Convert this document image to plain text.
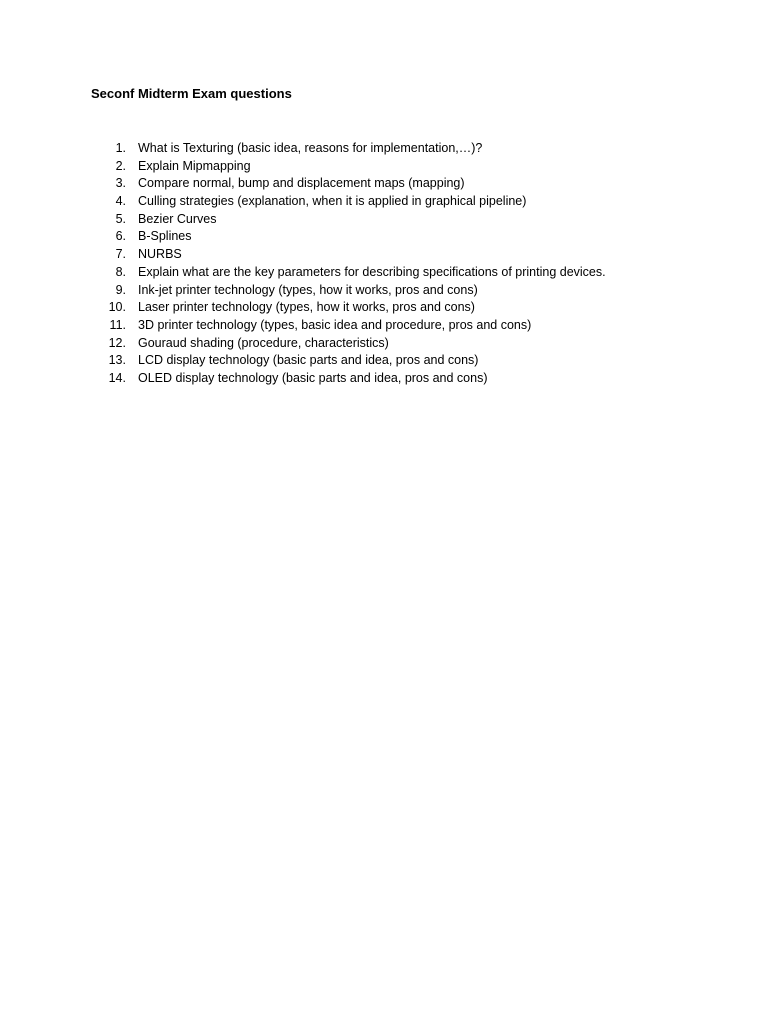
Seconf Midterm Exam questions
1. What is Texturing (basic idea, reasons for implementation,…)?
2. Explain Mipmapping
3. Compare normal, bump and displacement maps (mapping)
4. Culling strategies (explanation, when it is applied in graphical pipeline)
5. Bezier Curves
6. B-Splines
7. NURBS
8. Explain what are the key parameters for describing specifications of printing devices.
9. Ink-jet printer technology (types, how it works, pros and cons)
10. Laser printer technology (types, how it works, pros and cons)
11. 3D printer technology (types, basic idea and procedure, pros and cons)
12. Gouraud shading (procedure, characteristics)
13. LCD display technology (basic parts and idea, pros and cons)
14. OLED display technology (basic parts and idea, pros and cons)
